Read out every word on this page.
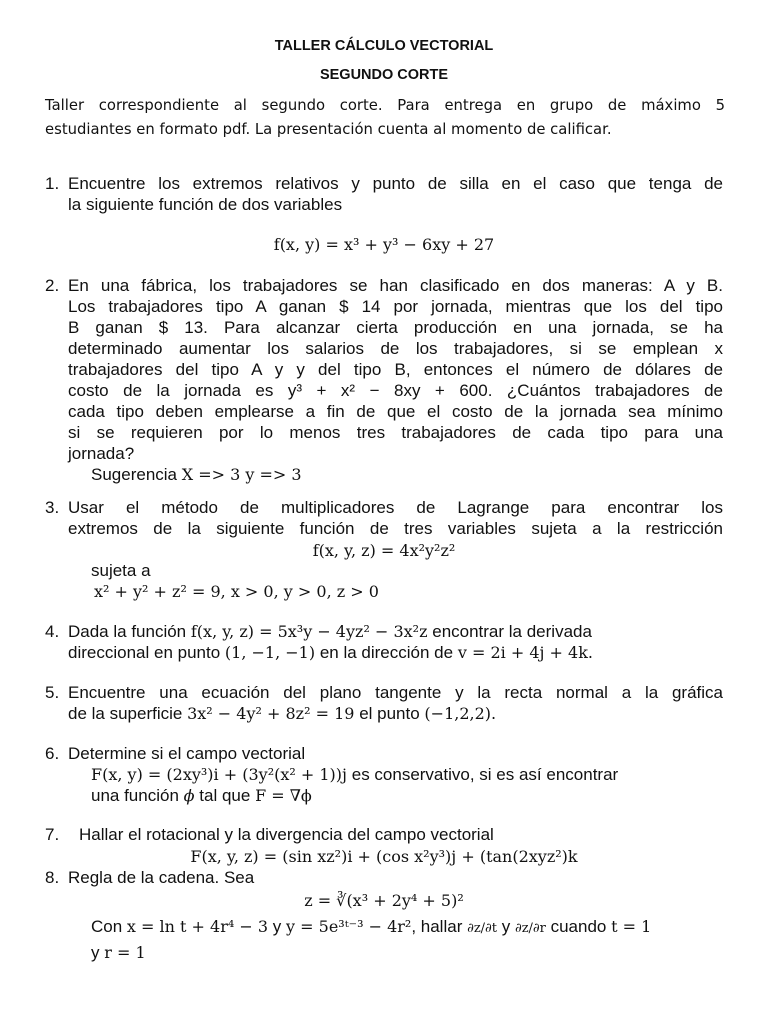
TALLER CÁLCULO VECTORIAL
SEGUNDO CORTE
Taller correspondiente al segundo corte. Para entrega en grupo de máximo 5
estudiantes en formato pdf. La presentación cuenta al momento de calificar.
1. Encuentre los extremos relativos y punto de silla en el caso que tenga de
la siguiente función de dos variables
f(x, y) = x³ + y³ − 6xy + 27
2. En una fábrica, los trabajadores se han clasificado en dos maneras: A y B.
Los trabajadores tipo A ganan $ 14 por jornada, mientras que los del tipo
B ganan $ 13. Para alcanzar cierta producción en una jornada, se ha
determinado aumentar los salarios de los trabajadores, si se emplean x
trabajadores del tipo A y y del tipo B, entonces el número de dólares de
costo de la jornada es y³ + x² − 8xy + 600. ¿Cuántos trabajadores de
cada tipo deben emplearse a fin de que el costo de la jornada sea mínimo
si se requieren por lo menos tres trabajadores de cada tipo para una
jornada?
Sugerencia X => 3 y => 3
3. Usar el método de multiplicadores de Lagrange para encontrar los
extremos de la siguiente función de tres variables sujeta a la restricción
f(x, y, z) = 4x²y²z²
sujeta a
x² + y² + z² = 9, x > 0, y > 0, z > 0
4. Dada la función f(x, y, z) = 5x³y − 4yz² − 3x²z encontrar la derivada
direccional en punto (1, −1, −1) en la dirección de v = 2i + 4j + 4k.
5. Encuentre una ecuación del plano tangente y la recta normal a la gráfica
de la superficie 3x² − 4y² + 8z² = 19 el punto (−1,2,2).
6. Determine si el campo vectorial
F(x, y) = (2xy³)i + (3y²(x² + 1))j es conservativo, si es así encontrar
una función ϕ tal que F = ∇ϕ
7. Hallar el rotacional y la divergencia del campo vectorial
F(x, y, z) = (sin xz²)i + (cos x²y³)j + (tan(2xyz²)k
8. Regla de la cadena. Sea
z = ∛(x³ + 2y⁴ + 5)²
Con x = ln t + 4r⁴ − 3 y y = 5e³ᵗ⁻³ − 4r², hallar ∂z/∂t y ∂z/∂r cuando t = 1
y r = 1
